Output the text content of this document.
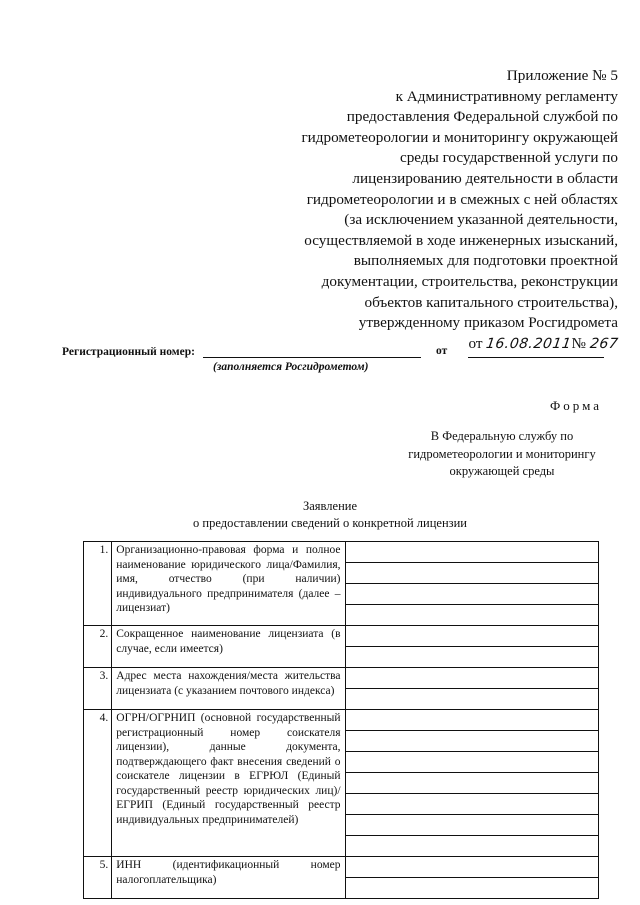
Приложение № 5
к Административному регламенту
предоставления Федеральной службой по
гидрометеорологии и мониторингу окружающей
среды государственной услуги по
лицензированию деятельности в области
гидрометеорологии и в смежных с ней областях
(за исключением указанной деятельности,
осуществляемой в ходе инженерных изысканий,
выполняемых для подготовки проектной
документации, строительства, реконструкции
объектов капитального строительства),
утвержденному приказом Росгидромета
от 16.08.2011№ 267
Регистрационный номер:	от
(заполняется Росгидрометом)
Форма
В Федеральную службу по
гидрометеорологии и мониторингу
окружающей среды
Заявление
о предоставлении сведений о конкретной лицензии
1.	Организационно-правовая форма и полное наименование юридического лица/Фамилия, имя, отчество (при наличии) индивидуального предпринимателя (далее – лицензиат)	

2.	Сокращенное наименование лицензиата (в случае, если имеется)	

3.	Адрес места нахождения/места жительства лицензиата (с указанием почтового индекса)	

4.	ОГРН/ОГРНИП (основной государственный регистрационный номер соискателя лицензии), данные документа, подтверждающего факт внесения сведений о соискателе лицензии в ЕГРЮЛ (Единый государственный реестр юридических лиц)/ЕГРИП (Единый государственный реестр индивидуальных предпринимателей)	

5.	ИНН (идентификационный номер налогоплательщика)	
